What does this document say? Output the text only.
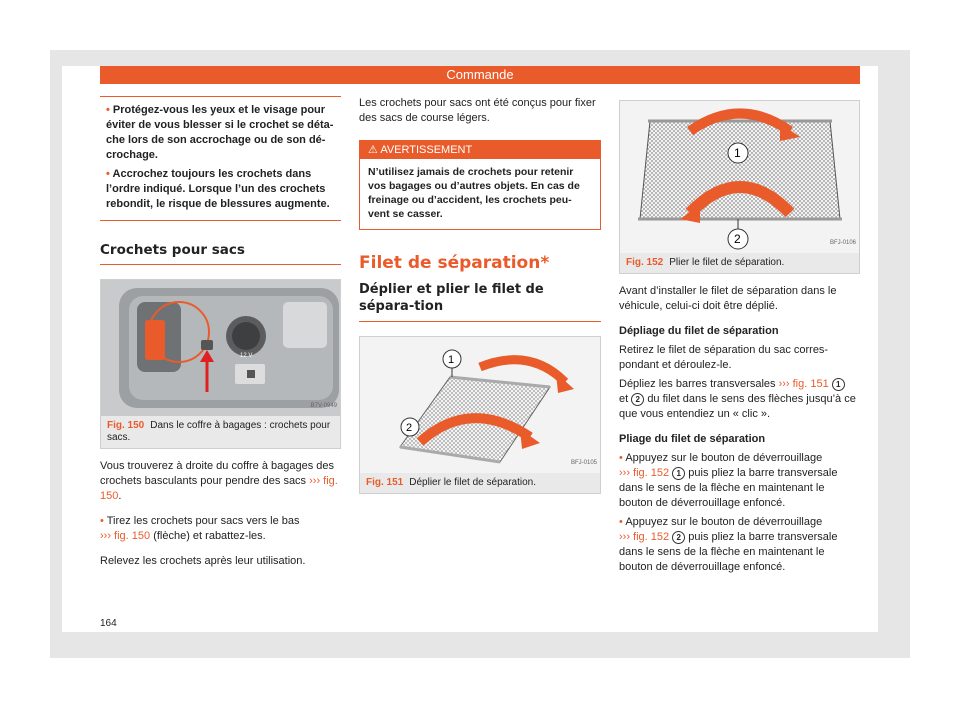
Commande

• Protégez-vous les yeux et le visage pour éviter de vous blesser si le crochet se déta-che lors de son accrochage ou de son dé-crochage.

• Accrochez toujours les crochets dans l’ordre indiqué. Lorsque l’un des crochets rebondit, le risque de blessures augmente.

Crochets pour sacs
12 V
B7V-0949
Fig. 150 Dans le coffre à bagages : crochets pour sacs.

Vous trouverez à droite du coffre à bagages des crochets basculants pour pendre des sacs ››› fig. 150.

• Tirez les crochets pour sacs vers le bas
››› fig. 150 (flèche) et rabattez-les.

Relevez les crochets après leur utilisation.

Les crochets pour sacs ont été conçus pour fixer des sacs de course légers.

⚠ AVERTISSEMENT
N’utilisez jamais de crochets pour retenir vos bagages ou d’autres objets. En cas de freinage ou d’accident, les crochets peu-vent se casser.
Filet de séparation*
Déplier et plier le filet de sépara-tion
1
2
BFJ-0105
Fig. 151 Déplier le filet de séparation.
1
2	BFJ-0106
Fig. 152 Plier le filet de séparation.

Avant d’installer le filet de séparation dans le véhicule, celui-ci doit être déplié.

Dépliage du filet de séparation

Retirez le filet de séparation du sac corres-pondant et déroulez-le.

Dépliez les barres transversales ››› fig. 151 1
et 2 du filet dans le sens des flèches jusqu’à ce que vous entendiez un « clic ».

Pliage du filet de séparation

• Appuyez sur le bouton de déverrouillage
››› fig. 152 1 puis pliez la barre transversale dans le sens de la flèche en maintenant le bouton de déverrouillage enfoncé.

• Appuyez sur le bouton de déverrouillage
››› fig. 152 2 puis pliez la barre transversale dans le sens de la flèche en maintenant le bouton de déverrouillage enfoncé.

164
